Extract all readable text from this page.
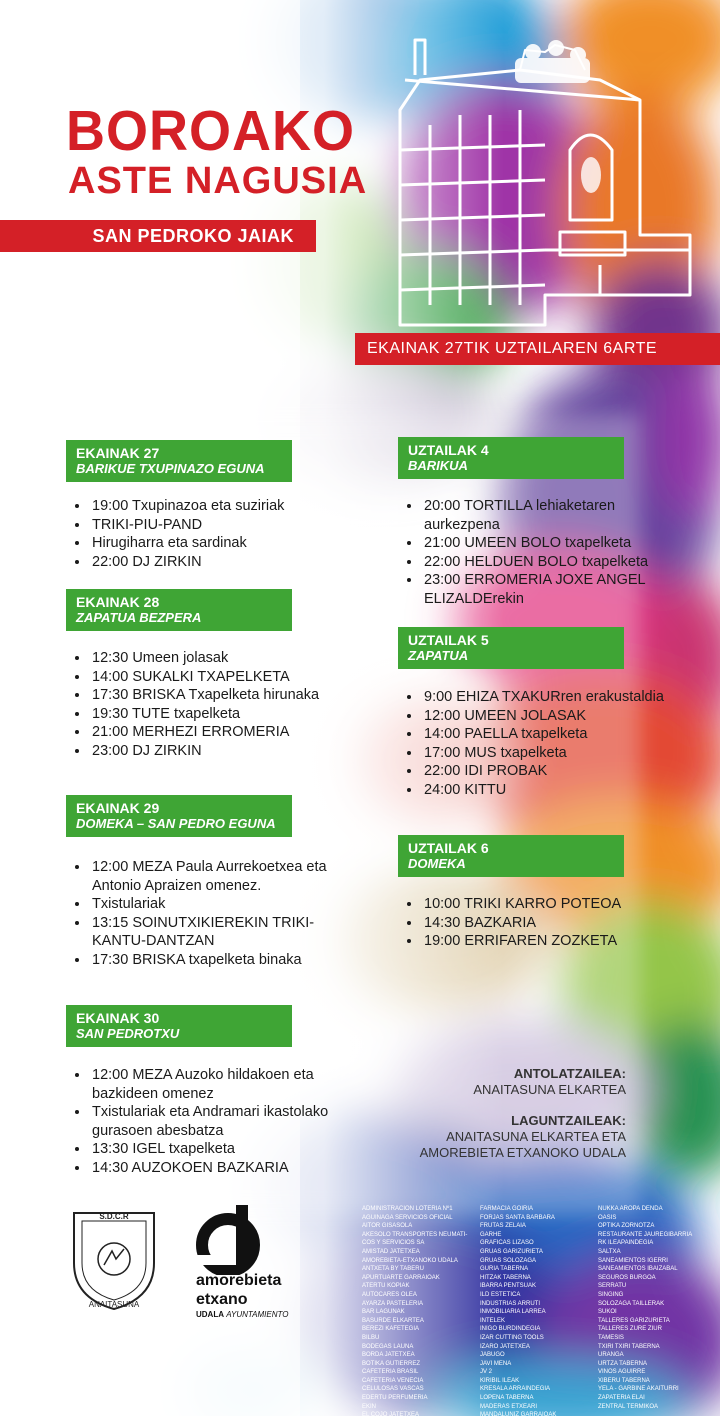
BOROAKO
ASTE NAGUSIA
SAN PEDROKO JAIAK
EKAINAK 27TIK UZTAILAREN 6ARTE
EKAINAK 27
BARIKUE TXUPINAZO EGUNA
• 19:00 Txupinazoa eta suziriak
• TRIKI-PIU-PAND
• Hirugiharra eta sardinak
• 22:00 DJ ZIRKIN
EKAINAK 28
ZAPATUA BEZPERA
• 12:30 Umeen jolasak
• 14:00 SUKALKI TXAPELKETA
• 17:30 BRISKA Txapelketa hirunaka
• 19:30 TUTE txapelketa
• 21:00 MERHEZI ERROMERIA
• 23:00 DJ ZIRKIN
EKAINAK 29
DOMEKA – SAN PEDRO EGUNA
• 12:00 MEZA Paula Aurrekoetxea eta Antonio Apraizen omenez.
• Txistulariak
• 13:15 SOINUTXIKIEREKIN TRIKI-KANTU-DANTZAN
• 17:30 BRISKA txapelketa binaka
EKAINAK 30
SAN PEDROTXU
• 12:00 MEZA Auzoko hildakoen eta bazkideen omenez
• Txistulariak eta Andramari ikastolako gurasoen abesbatza
• 13:30 IGEL txapelketa
• 14:30 AUZOKOEN BAZKARIA
UZTAILAK 4
BARIKUA
• 20:00 TORTILLA lehiaketaren aurkezpena
• 21:00 UMEEN BOLO txapelketa
• 22:00 HELDUEN BOLO txapelketa
• 23:00 ERROMERIA JOXE ANGEL ELIZALDErekin
UZTAILAK 5
ZAPATUA
• 9:00 EHIZA TXAKURren erakustaldia
• 12:00 UMEEN JOLASAK
• 14:00 PAELLA txapelketa
• 17:00 MUS txapelketa
• 22:00 IDI PROBAK
• 24:00 KITTU
UZTAILAK 6
DOMEKA
• 10:00 TRIKI KARRO POTEOA
• 14:30 BAZKARIA
• 19:00 ERRIFAREN ZOZKETA
ANTOLATZAILEA:
ANAITASUNA ELKARTEA
LAGUNTZAILEAK:
ANAITASUNA ELKARTEA ETA
AMOREBIETA ETXANOKO UDALA
S.D.C.R
ANAITASUNA

amorebieta

etxano

UDALA AYUNTAMIENTO

ADMINISTRACION LOTERIA Nº1
AGUINAGA SERVICIOS OFICIAL
AITOR GISASOLA
AKESOLO TRANSPORTES NEUMATI-
COS Y SERVICIOS SA
AMISTAD JATETXEA
AMOREBIETA-ETXANOKO UDALA
ANTXETA BY TABERU
APURTUARTE GARRAIOAK
ATERTU KOPIAK
AUTOCARES OLEA
AYARZA PASTELERIA
BAR LAGUNAK
BASURDE ELKARTEA
BEREZI KAFETEGIA
BILBU
BODEGAS LAUNA
BORDA JATETXEA
BOTIKA GUTIERREZ
CAFETERIA BRASIL
CAFETERIA VENECIA
CELULOSAS VASCAS
EDERTU PERFUMERIA
EKIN
EL COJO JATETXEA
FARMACIA GOIRIA
FORJAS SANTA BARBARA
FRUTAS ZELAIA
GARHE
GRAFICAS LIZASO
GRUAS GARIZURIETA
GRUAS SOLOZAGA
GURIA TABERNA
HITZAK TABERNA
IBARRA PENTSUAK
ILD ESTETICA
INDUSTRIAS ARRUTI
INMOBILIARIA LARREA
INTELEK
INIGO BURDINDEGIA
IZAR CUTTING TOOLS
IZARO JATETXEA
JABUGO
JAVI MENA
JV 2
KIRIBIL ILEAK
KRESALA ARRAINDEGIA
LOPENA TABERNA
MADERAS ETXEARI
MANDALUNIZ GARRAIOAK
NUKKA AROPA DENDA
OASIS
OPTIKA ZORNOTZA
RESTAURANTE JAUREGIBARRIA
RK ILEAPAINDEGIA
SALTXA
SANEAMIENTOS IGERRI
SANEAMIENTOS IBAIZABAL
SEGUROS BURGOA
SERRATU
SINGING
SOLOZAGA TAILLERAK
SUKOI
TALLERES GARIZURIETA
TALLERES ZURE ZIUR
TAMESIS
TXIRI TXIRI TABERNA
URANGA
URTZA TABERNA
VINOS AGUIRRE
XIBERU TABERNA
YELA - GARBINE AKAITURRI
ZAPATERIA ELAI
ZENTRAL TERMIKOA
